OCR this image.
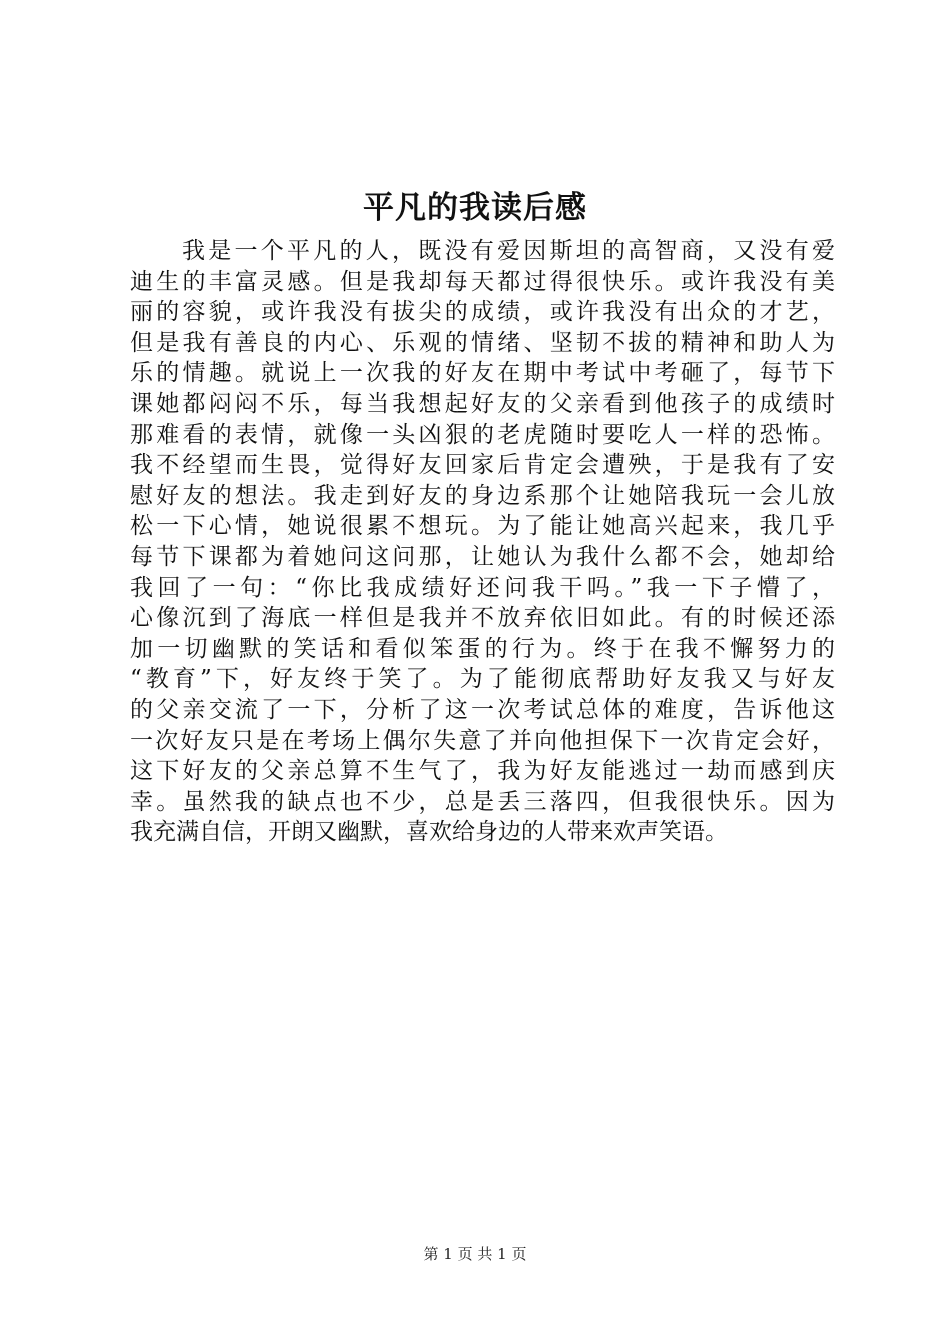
平凡的我读后感
我是一个平凡的人，既没有爱因斯坦的高智商，又没有爱
迪生的丰富灵感。但是我却每天都过得很快乐。或许我没有美
丽的容貌，或许我没有拔尖的成绩，或许我没有出众的才艺，
但是我有善良的内心、乐观的情绪、坚韧不拔的精神和助人为
乐的情趣。就说上一次我的好友在期中考试中考砸了，每节下
课她都闷闷不乐，每当我想起好友的父亲看到他孩子的成绩时
那难看的表情，就像一头凶狠的老虎随时要吃人一样的恐怖。
我不经望而生畏，觉得好友回家后肯定会遭殃，于是我有了安
慰好友的想法。我走到好友的身边系那个让她陪我玩一会儿放
松一下心情，她说很累不想玩。为了能让她高兴起来，我几乎
每节下课都为着她问这问那，让她认为我什么都不会，她却给
我回了一句：“你比我成绩好还问我干吗。”我一下子懵了，
心像沉到了海底一样但是我并不放弃依旧如此。有的时候还添
加一切幽默的笑话和看似笨蛋的行为。终于在我不懈努力的
“教育”下，好友终于笑了。为了能彻底帮助好友我又与好友
的父亲交流了一下，分析了这一次考试总体的难度，告诉他这
一次好友只是在考场上偶尔失意了并向他担保下一次肯定会好，
这下好友的父亲总算不生气了，我为好友能逃过一劫而感到庆
幸。虽然我的缺点也不少，总是丢三落四，但我很快乐。因为
我充满自信，开朗又幽默，喜欢给身边的人带来欢声笑语。
第 1 页 共 1 页
